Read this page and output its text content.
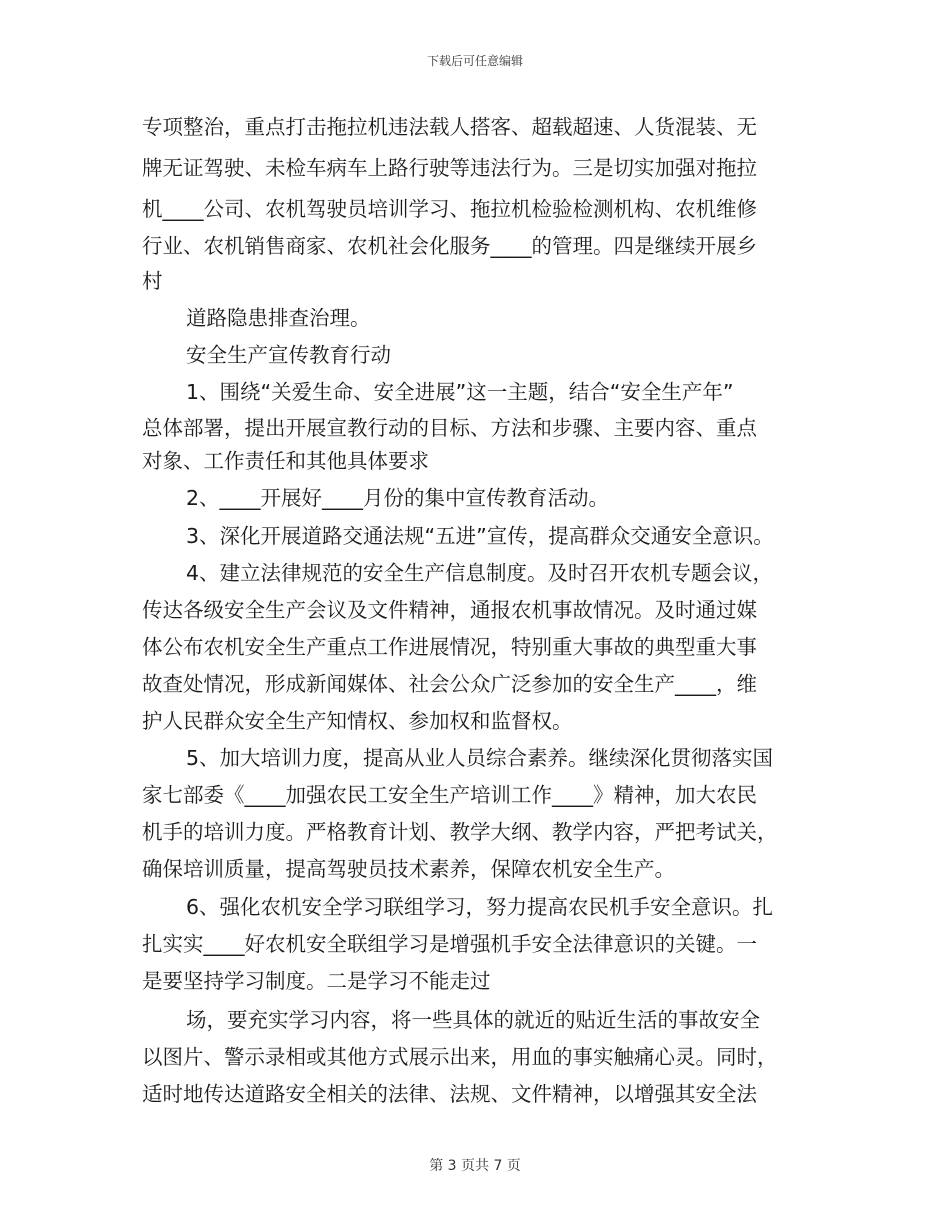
下载后可任意编辑
专项整治，重点打击拖拉机违法载人搭客、超载超速、人货混装、无
牌无证驾驶、未检车病车上路行驶等违法行为。三是切实加强对拖拉
机____公司、农机驾驶员培训学习、拖拉机检验检测机构、农机维修
行业、农机销售商家、农机社会化服务____的管理。四是继续开展乡
村
道路隐患排查治理。
安全生产宣传教育行动
1、围绕“关爱生命、安全进展”这一主题，结合“安全生产年”
总体部署，提出开展宣教行动的目标、方法和步骤、主要内容、重点
对象、工作责任和其他具体要求
2、____开展好____月份的集中宣传教育活动。
3、深化开展道路交通法规“五进”宣传，提高群众交通安全意识。
4、建立法律规范的安全生产信息制度。及时召开农机专题会议，
传达各级安全生产会议及文件精神，通报农机事故情况。及时通过媒
体公布农机安全生产重点工作进展情况，特别重大事故的典型重大事
故查处情况，形成新闻媒体、社会公众广泛参加的安全生产____，维
护人民群众安全生产知情权、参加权和监督权。
5、加大培训力度，提高从业人员综合素养。继续深化贯彻落实国
家七部委《____加强农民工安全生产培训工作____》精神，加大农民
机手的培训力度。严格教育计划、教学大纲、教学内容，严把考试关，
确保培训质量，提高驾驶员技术素养，保障农机安全生产。
6、强化农机安全学习联组学习，努力提高农民机手安全意识。扎
扎实实____好农机安全联组学习是增强机手安全法律意识的关键。一
是要坚持学习制度。二是学习不能走过
场，要充实学习内容，将一些具体的就近的贴近生活的事故安全
以图片、警示录相或其他方式展示出来，用血的事实触痛心灵。同时，
适时地传达道路安全相关的法律、法规、文件精神，以增强其安全法
第 3 页共 7 页
